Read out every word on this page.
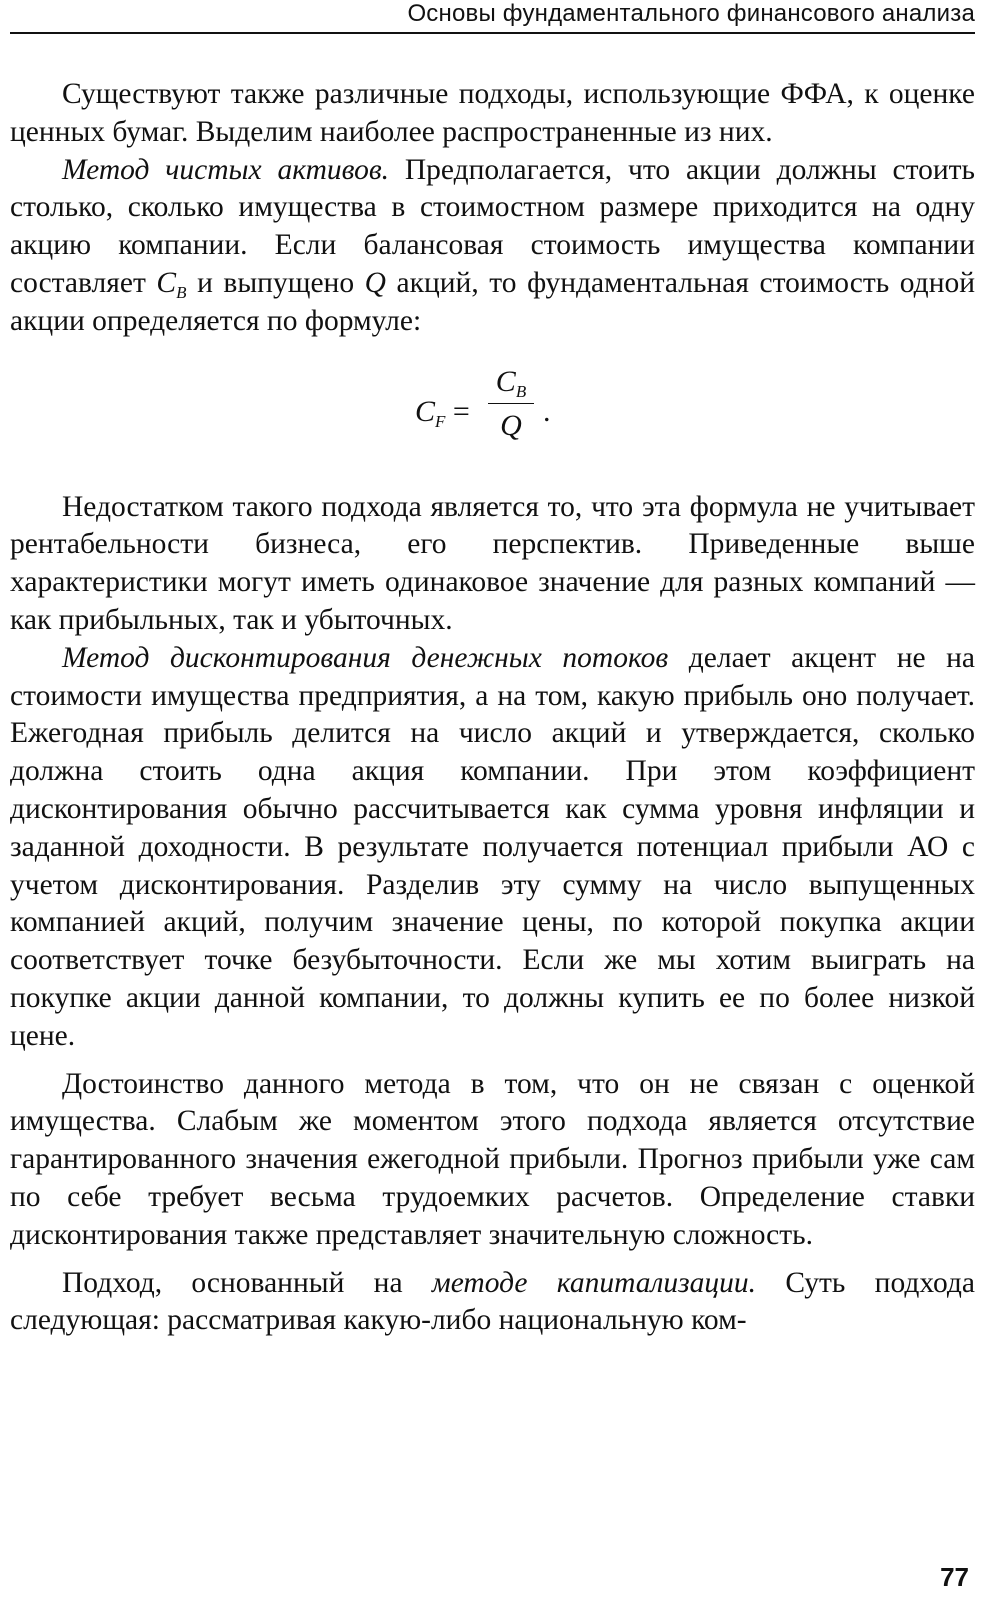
Основы фундаментального финансового анализа

Существуют также различные подходы, использующие ФФА, к оценке ценных бумаг. Выделим наиболее распространенные из них.

Метод чистых активов. Предполагается, что акции должны стоить столько, сколько имущества в стоимостном размере приходится на одну акцию компании. Если балансовая стоимость имущества компании составляет $C_B$ и выпущено Q акций, то фундаментальная стоимость одной акции определяется по формуле:

$C_F$ =
$C_B$
Q .

Недостатком такого подхода является то, что эта формула не учитывает рентабельности бизнеса, его перспектив. Приведенные выше характеристики могут иметь одинаковое значение для разных компаний — как прибыльных, так и убыточных.

Метод дисконтирования денежных потоков делает акцент не на стоимости имущества предприятия, а на том, какую прибыль оно получает. Ежегодная прибыль делится на число акций и утверждается, сколько должна стоить одна акция компании. При этом коэффициент дисконтирования обычно рассчитывается как сумма уровня инфляции и заданной доходности. В результате получается потенциал прибыли АО с учетом дисконтирования. Разделив эту сумму на число выпущенных компанией акций, получим значение цены, по которой покупка акции соответствует точке безубыточности. Если же мы хотим выиграть на покупке акции данной компании, то должны купить ее по более низкой цене.

Достоинство данного метода в том, что он не связан с оценкой имущества. Слабым же моментом этого подхода является отсутствие гарантированного значения ежегодной прибыли. Прогноз прибыли уже сам по себе требует весьма трудоемких расчетов. Определение ставки дисконтирования также представляет значительную сложность.

Подход, основанный на методе капитализации. Суть подхода следующая: рассматривая какую-либо национальную ком-

77
